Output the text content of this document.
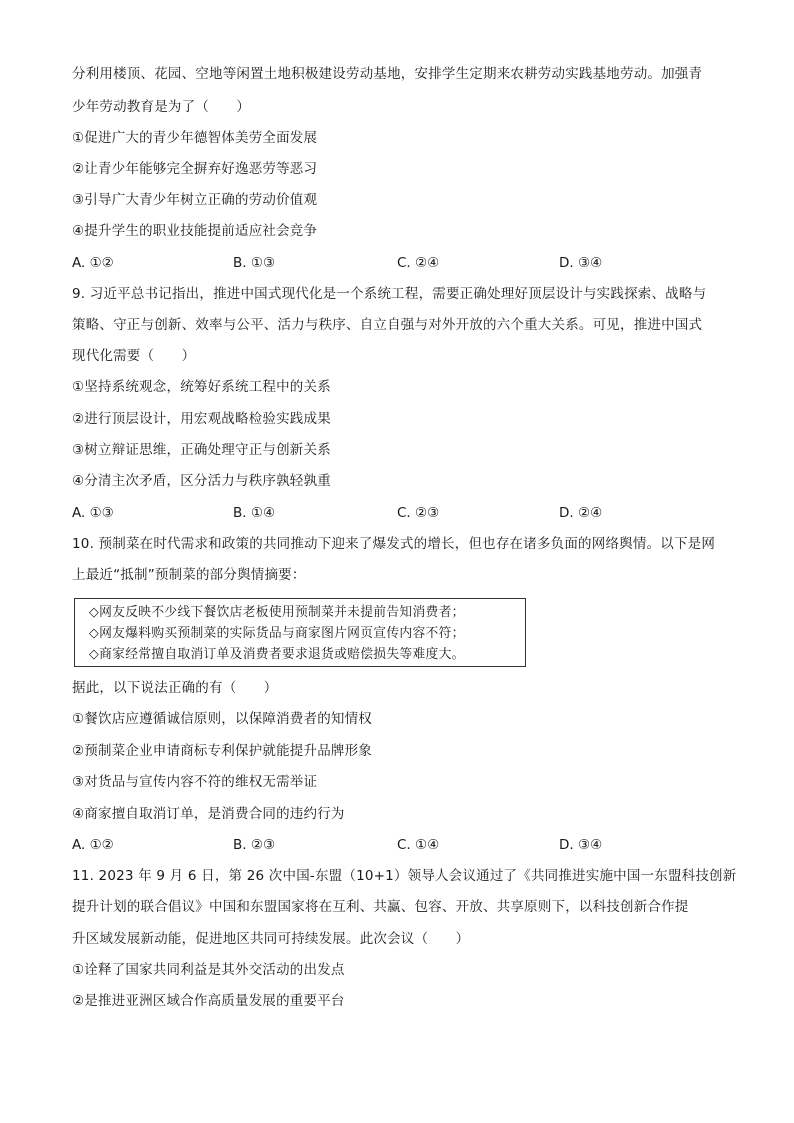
分利用楼顶、花园、空地等闲置土地积极建设劳动基地，安排学生定期来农耕劳动实践基地劳动。加强青
少年劳动教育是为了（　　）
①促进广大的青少年德智体美劳全面发展
②让青少年能够完全摒弃好逸恶劳等恶习
③引导广大青少年树立正确的劳动价值观
④提升学生的职业技能提前适应社会竞争
A. ①②	B. ①③	C. ②④	D. ③④
9. 习近平总书记指出，推进中国式现代化是一个系统工程，需要正确处理好顶层设计与实践探索、战略与
策略、守正与创新、效率与公平、活力与秩序、自立自强与对外开放的六个重大关系。可见，推进中国式
现代化需要（　　）
①坚持系统观念，统筹好系统工程中的关系
②进行顶层设计，用宏观战略检验实践成果
③树立辩证思维，正确处理守正与创新关系
④分清主次矛盾，区分活力与秩序孰轻孰重
A. ①③	B. ①④	C. ②③	D. ②④
10. 预制菜在时代需求和政策的共同推动下迎来了爆发式的增长，但也存在诸多负面的网络舆情。以下是网
上最近“抵制”预制菜的部分舆情摘要：
◇网友反映不少线下餐饮店老板使用预制菜并未提前告知消费者；
◇网友爆料购买预制菜的实际货品与商家图片网页宣传内容不符；
◇商家经常擅自取消订单及消费者要求退货或赔偿损失等难度大。
据此，以下说法正确的有（　　）
①餐饮店应遵循诚信原则，以保障消费者的知情权
②预制菜企业申请商标专利保护就能提升品牌形象
③对货品与宣传内容不符的维权无需举证
④商家擅自取消订单，是消费合同的违约行为
A. ①②	B. ②③	C. ①④	D. ③④
11. 2023 年 9 月 6 日，第 26 次中国-东盟（10+1）领导人会议通过了《共同推进实施中国一东盟科技创新
提升计划的联合倡议》中国和东盟国家将在互利、共赢、包容、开放、共享原则下，以科技创新合作提
升区域发展新动能，促进地区共同可持续发展。此次会议（　　）
①诠释了国家共同利益是其外交活动的出发点
②是推进亚洲区域合作高质量发展的重要平台
